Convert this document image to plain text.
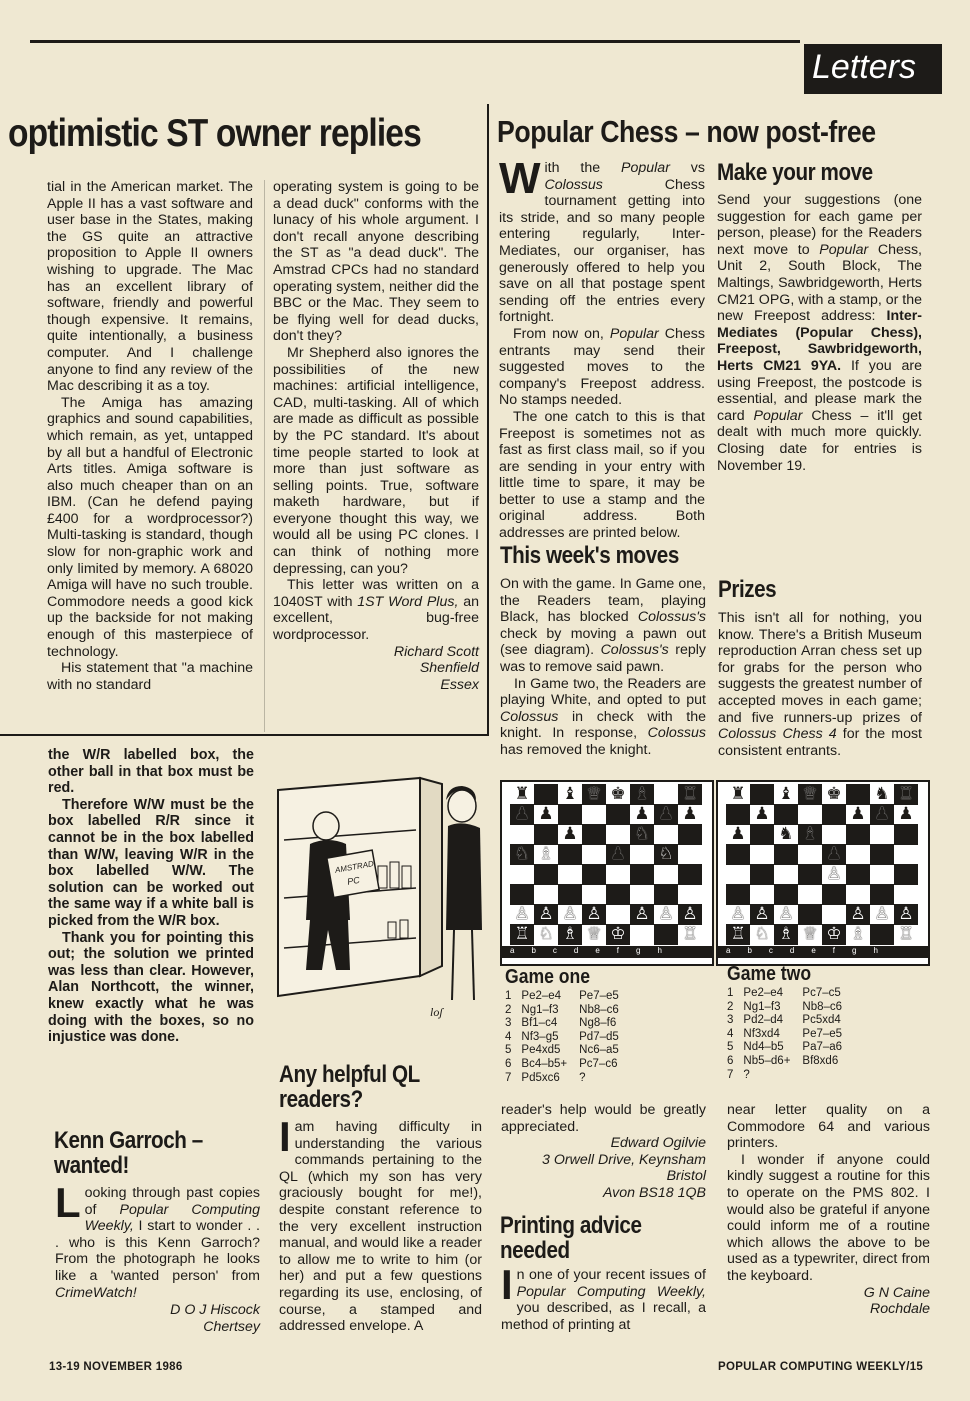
Letters
optimistic ST owner replies

tial in the American market. The Apple II has a vast software and user base in the States, making the GS quite an attractive proposition to Apple II owners wishing to upgrade. The Mac has an excellent library of software, friendly and powerful though expensive. It remains, quite intentionally, a business computer. And I challenge anyone to find any review of the Mac describing it as a toy.

The Amiga has amazing graphics and sound capabilities, which remain, as yet, untapped by all but a handful of Electronic Arts titles. Amiga software is also much cheaper than on an IBM. (Can he defend paying £400 for a wordprocessor?) Multi-tasking is standard, though slow for non-graphic work and only limited by memory. A 68020 Amiga will have no such trouble. Commodore needs a good kick up the backside for not making enough of this masterpiece of technology.

His statement that "a machine with no standard

operating system is going to be a dead duck" conforms with the lunacy of his whole argument. I don't recall anyone describing the ST as "a dead duck". The Amstrad CPCs had no standard operating system, neither did the BBC or the Mac. They seem to be flying well for dead ducks, don't they?

Mr Shepherd also ignores the possibilities of the new machines: artificial intelligence, CAD, multi-tasking. All of which are made as difficult as possible by the PC standard. It's about time people started to look at more than just software as selling points. True, software maketh hardware, but if everyone thought this way, we would all be using PC clones. I can think of nothing more depressing, can you?

This letter was written on a 1040ST with 1ST Word Plus, an excellent, bug-free wordprocessor.

Richard Scott
Shenfield
Essex

the W/R labelled box, the other ball in that box must be red.

Therefore W/W must be the box labelled R/R since it cannot be in the box labelled than W/W, leaving W/R in the box labelled W/W. The solution can be worked out the same way if a white ball is picked from the W/R box.

Thank you for pointing this out; the solution we printed was less than clear. However, Alan Northcott, the winner, knew exactly what he was doing with the boxes, so no injustice was done.

AMSTRAD
PC
loʃ
Kenn Garroch –
wanted!
Looking through past copies of Popular Computing Weekly, I start to wonder . . . who is this Kenn Garroch? From the photograph he looks like a 'wanted person' from CrimeWatch!
D O J Hiscock
Chertsey
Any helpful QL
readers?
Iam having difficulty in understanding the various commands pertaining to the QL (which my son has very graciously bought for me!), despite constant reference to the very excellent instruction manual, and would like a reader to allow me to write to him (or her) and put a few questions regarding its use, enclosing, of course, a stamped and addressed envelope. A

reader's help would be greatly appreciated.

Edward Ogilvie
3 Orwell Drive, Keynsham
Bristol
Avon BS18 1QB
Printing advice
needed
In one of your recent issues of Popular Computing Weekly, you described, as I recall, a method of printing at

near letter quality on a Commodore 64 and various printers.

I wonder if anyone could kindly suggest a routine for this to operate on the PMS 802. I would also be grateful if anyone could inform me of a routine which allows the above to be used as a typewriter, direct from the keyboard.

G N Caine
Rochdale
Popular Chess – now post-free

With the Popular vs Colossus Chess tournament getting into its stride, and so many people entering regularly, Inter-Mediates, our organiser, has generously offered to help you save on all that postage spent sending off the entries every fortnight.

From now on, Popular Chess entrants may send their suggested moves to the company's Freepost address. No stamps needed.

The one catch to this is that Freepost is sometimes not as fast as first class mail, so if you are sending in your entry with little time to spare, it may be better to use a stamp and the original address. Both addresses are printed below.

Make your move

Send your suggestions (one suggestion for each game per person, please) for the Readers next move to Popular Chess, Unit 2, South Block, The Maltings, Sawbridgeworth, Herts CM21 OPG, with a stamp, or the new Freepost address: Inter-Mediates (Popular Chess), Freepost, Sawbridgeworth, Herts CM21 9YA. If you are using Freepost, the postcode is essential, and please mark the card Popular Chess – it'll get dealt with much more quickly. Closing date for entries is November 19.

This week's moves

On with the game. In Game one, the Readers team, playing Black, has blocked Colossus's check by moving a pawn out (see diagram). Colossus's reply was to remove said pawn.

In Game two, the Readers are playing White, and opted to put Colossus in check with the knight. In response, Colossus has removed the knight.

Prizes

This isn't all for nothing, you know. There's a British Museum reproduction Arran chess set up for grabs for the person who suggests the greatest number of accepted moves in each game; and five runners-up prizes of Colossus Chess 4 for the most consistent entrants.

♜ ♝ ♛ ♚ ♝ ♜
♟ ♟	♟ ♟ ♟
♟	♞
♞ ♗	♟ ♘
♙ ♙ ♙ ♙ ♙ ♙ ♙
♖ ♘ ♗ ♕ ♔	♖
abcdefgh
♜ ♝ ♛ ♚ ♞ ♜
♟	♟ ♟ ♟
♟ ♞ ♝
♟
♙
♙ ♙ ♙	♙ ♙ ♙
♖ ♘ ♗ ♕ ♔ ♗ ♖
abcdefgh
Game one
1	Pe2–e4	Pe7–e5
2	Ng1–f3	Nb8–c6
3	Bf1–c4	Ng8–f6
4	Nf3–g5	Pd7–d5
5	Pe4xd5	Nc6–a5
6	Bc4–b5+	Pc7–c6
7	Pd5xc6	?
Game two
1	Pe2–e4	Pc7–c5
2	Ng1–f3	Nb8–c6
3	Pd2–d4	Pc5xd4
4	Nf3xd4	Pe7–e5
5	Nd4–b5	Pa7–a6
6	Nb5–d6+	Bf8xd6
7	?	
13-19 NOVEMBER 1986	POPULAR COMPUTING WEEKLY/15
